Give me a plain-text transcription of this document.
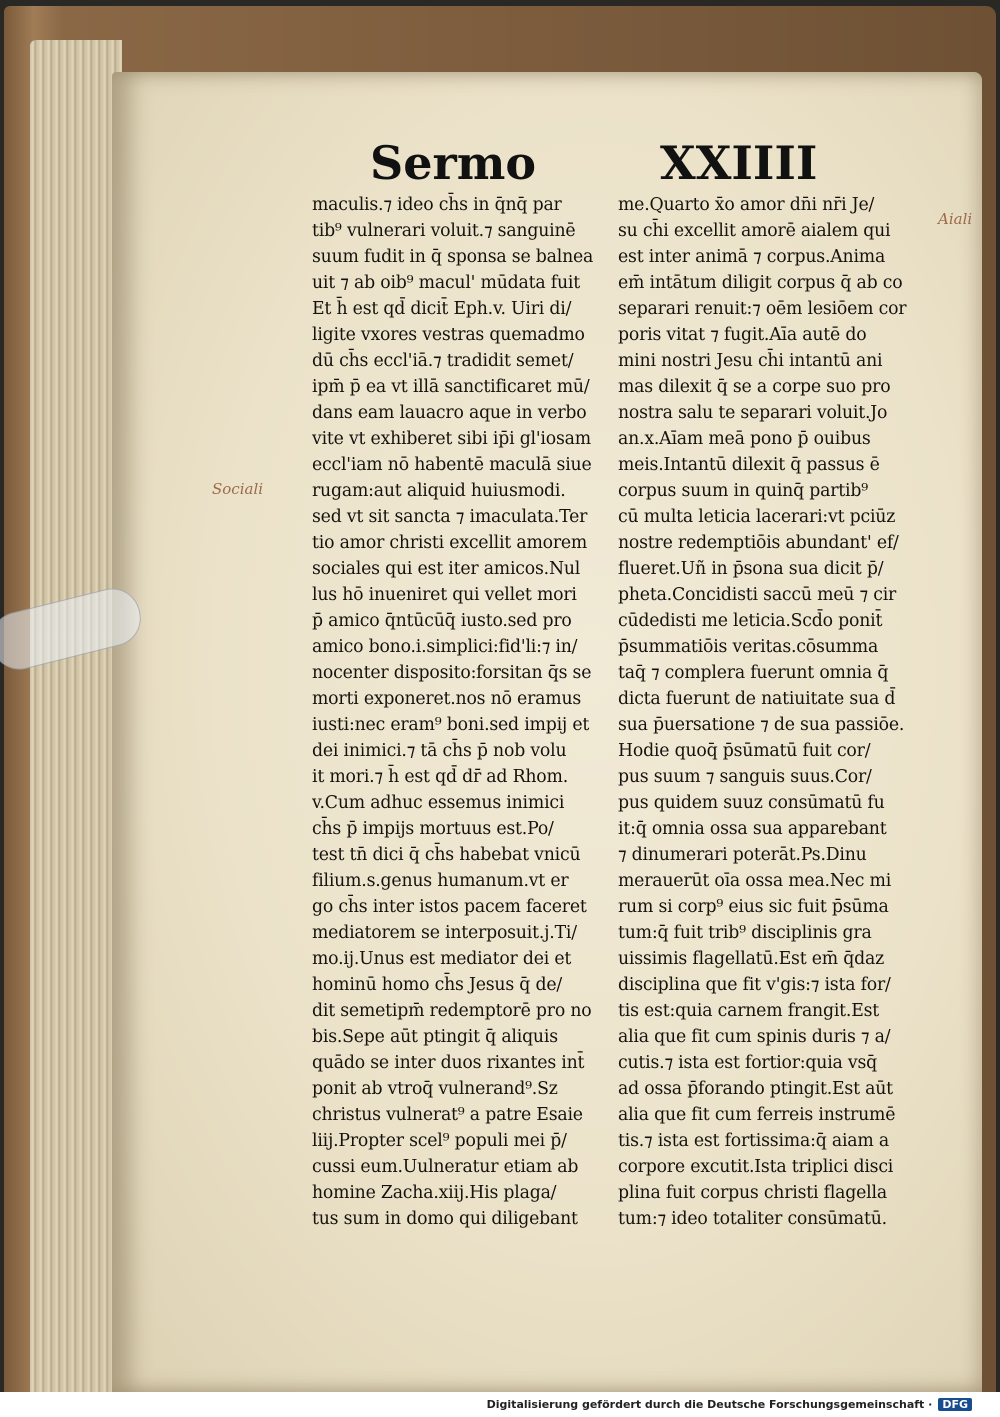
Sermo	XXIIII
maculis.⁊ ideo ch̄s in q̄nq̄ par
tib⁹ vulnerari voluit.⁊ sanguinē
suum fudit in q̄ sponsa se balnea
uit ⁊ ab oib⁹ macul' mūdata fuit
Et h̄ est qd̄ dicit̄ Eph.v. Uiri di/
ligite vxores vestras quemadmo
dū ch̄s eccl'iā.⁊ tradidit semet/
ipm̄ p̄ ea vt illā sanctificaret mū/
dans eam lauacro aque in verbo
vite vt exhiberet sibi ip̄i gl'iosam
eccl'iam nō habentē maculā siue
rugam:aut aliquid huiusmodi.
sed vt sit sancta ⁊ imaculata.Ter
tio amor christi excellit amorem
sociales qui est iter amicos.Nul
lus hō inueniret qui vellet mori
p̄ amico q̄ntūcūq̄ iusto.sed pro
amico bono.i.simplici:fid'li:⁊ in/
nocenter disposito:forsitan q̄s se
morti exponeret.nos nō eramus
iusti:nec eram⁹ boni.sed impij et
dei inimici.⁊ tā ch̄s p̄ nob volu
it mori.⁊ h̄ est qd̄ dr̄ ad Rhom.
v.Cum adhuc essemus inimici
ch̄s p̄ impijs mortuus est.Po/
test tn̄ dici q̄ ch̄s habebat vnicū
filium.s.genus humanum.vt er
go ch̄s inter istos pacem faceret
mediatorem se interposuit.j.Ti/
mo.ij.Unus est mediator dei et
hominū homo ch̄s Jesus q̄ de/
dit semetipm̄ redemptorē pro no
bis.Sepe aūt ptingit q̄ aliquis
quādo se inter duos rixantes int̄
ponit ab vtroq̄ vulnerand⁹.Sz
christus vulnerat⁹ a patre Esaie
liij.Propter scel⁹ populi mei p̄/
cussi eum.Uulneratur etiam ab
homine Zacha.xiij.His plaga/
tus sum in domo qui diligebant
me.Quarto x̄o amor dn̄i nr̄i Je/
su ch̄i excellit amorē aialem qui
est inter animā ⁊ corpus.Anima
em̄ intātum diligit corpus q̄ ab co
separari renuit:⁊ oēm lesiōem cor
poris vitat ⁊ fugit.Aīa autē do
mini nostri Jesu ch̄i intantū ani
mas dilexit q̄ se a corpe suo pro
nostra salu te separari voluit.Jo
an.x.Aīam meā pono p̄ ouibus
meis.Intantū dilexit q̄ passus ē
corpus suum in quinq̄ partib⁹
cū multa leticia lacerari:vt pciūz
nostre redemptiōis abundant' ef/
flueret.Uñ in p̄sona sua dicit p̄/
pheta.Concidisti saccū meū ⁊ cir
cūdedisti me leticia.Scd̄o ponit̄
p̄summatiōis veritas.cōsumma
taq̄ ⁊ complera fuerunt omnia q̄
dicta fuerunt de natiuitate sua d̄
sua p̄uersatione ⁊ de sua passiōe.
Hodie quoq̄ p̄sūmatū fuit cor/
pus suum ⁊ sanguis suus.Cor/
pus quidem suuz consūmatū fu
it:q̄ omnia ossa sua apparebant
⁊ dinumerari poterāt.Ps.Dinu
merauerūt oīa ossa mea.Nec mi
rum si corp⁹ eius sic fuit p̄sūma
tum:q̄ fuit trib⁹ disciplinis gra
uissimis flagellatū.Est em̄ q̄daz
disciplina que fit v'gis:⁊ ista for/
tis est:quia carnem frangit.Est
alia que fit cum spinis duris ⁊ a/
cutis.⁊ ista est fortior:quia vsq̄
ad ossa p̄forando ptingit.Est aūt
alia que fit cum ferreis instrumē
tis.⁊ ista est fortissima:q̄ aiam a
corpore excutit.Ista triplici disci
plina fuit corpus christi flagella
tum:⁊ ideo totaliter consūmatū.
Sociali
Aiali
Digitalisierung gefördert durch die Deutsche Forschungsgemeinschaft · DFG
